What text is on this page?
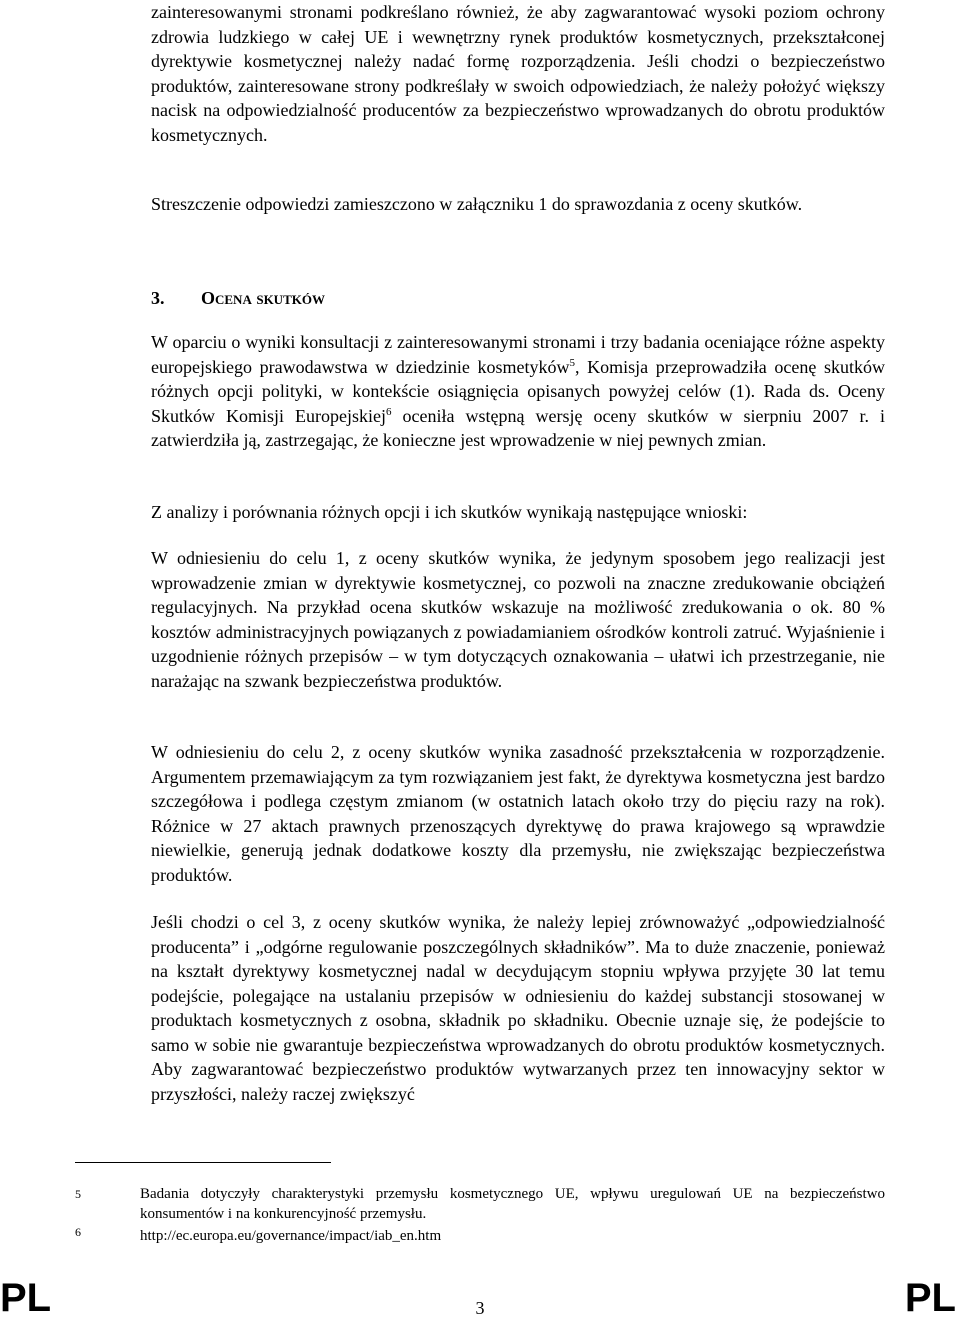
zainteresowanymi stronami podkreślano również, że aby zagwarantować wysoki poziom ochrony zdrowia ludzkiego w całej UE i wewnętrzny rynek produktów kosmetycznych, przekształconej dyrektywie kosmetycznej należy nadać formę rozporządzenia. Jeśli chodzi o bezpieczeństwo produktów, zainteresowane strony podkreślały w swoich odpowiedziach, że należy położyć większy nacisk na odpowiedzialność producentów za bezpieczeństwo wprowadzanych do obrotu produktów kosmetycznych.

Streszczenie odpowiedzi zamieszczono w załączniku 1 do sprawozdania z oceny skutków.

3. Ocena skutków

W oparciu o wyniki konsultacji z zainteresowanymi stronami i trzy badania oceniające różne aspekty europejskiego prawodawstwa w dziedzinie kosmetyków$^5$, Komisja przeprowadziła ocenę skutków różnych opcji polityki, w kontekście osiągnięcia opisanych powyżej celów (1). Rada ds. Oceny Skutków Komisji Europejskiej$^6$ oceniła wstępną wersję oceny skutków w sierpniu 2007 r. i zatwierdziła ją, zastrzegając, że konieczne jest wprowadzenie w niej pewnych zmian.

Z analizy i porównania różnych opcji i ich skutków wynikają następujące wnioski:

W odniesieniu do celu 1, z oceny skutków wynika, że jedynym sposobem jego realizacji jest wprowadzenie zmian w dyrektywie kosmetycznej, co pozwoli na znaczne zredukowanie obciążeń regulacyjnych. Na przykład ocena skutków wskazuje na możliwość zredukowania o ok. 80 % kosztów administracyjnych powiązanych z powiadamianiem ośrodków kontroli zatruć. Wyjaśnienie i uzgodnienie różnych przepisów – w tym dotyczących oznakowania – ułatwi ich przestrzeganie, nie narażając na szwank bezpieczeństwa produktów.

W odniesieniu do celu 2, z oceny skutków wynika zasadność przekształcenia w rozporządzenie. Argumentem przemawiającym za tym rozwiązaniem jest fakt, że dyrektywa kosmetyczna jest bardzo szczegółowa i podlega częstym zmianom (w ostatnich latach około trzy do pięciu razy na rok). Różnice w 27 aktach prawnych przenoszących dyrektywę do prawa krajowego są wprawdzie niewielkie, generują jednak dodatkowe koszty dla przemysłu, nie zwiększając bezpieczeństwa produktów.

Jeśli chodzi o cel 3, z oceny skutków wynika, że należy lepiej zrównoważyć „odpowiedzialność producenta” i „odgórne regulowanie poszczególnych składników”. Ma to duże znaczenie, ponieważ na kształt dyrektywy kosmetycznej nadal w decydującym stopniu wpływa przyjęte 30 lat temu podejście, polegające na ustalaniu przepisów w odniesieniu do każdej substancji stosowanej w produktach kosmetycznych z osobna, składnik po składniku. Obecnie uznaje się, że podejście to samo w sobie nie gwarantuje bezpieczeństwa wprowadzanych do obrotu produktów kosmetycznych. Aby zagwarantować bezpieczeństwo produktów wytwarzanych przez ten innowacyjny sektor w przyszłości, należy raczej zwiększyć

5	Badania dotyczyły charakterystyki przemysłu kosmetycznego UE, wpływu uregulowań UE na bezpieczeństwo konsumentów i na konkurencyjność przemysłu.
6	http://ec.europa.eu/governance/impact/iab_en.htm
PL	3	PL
